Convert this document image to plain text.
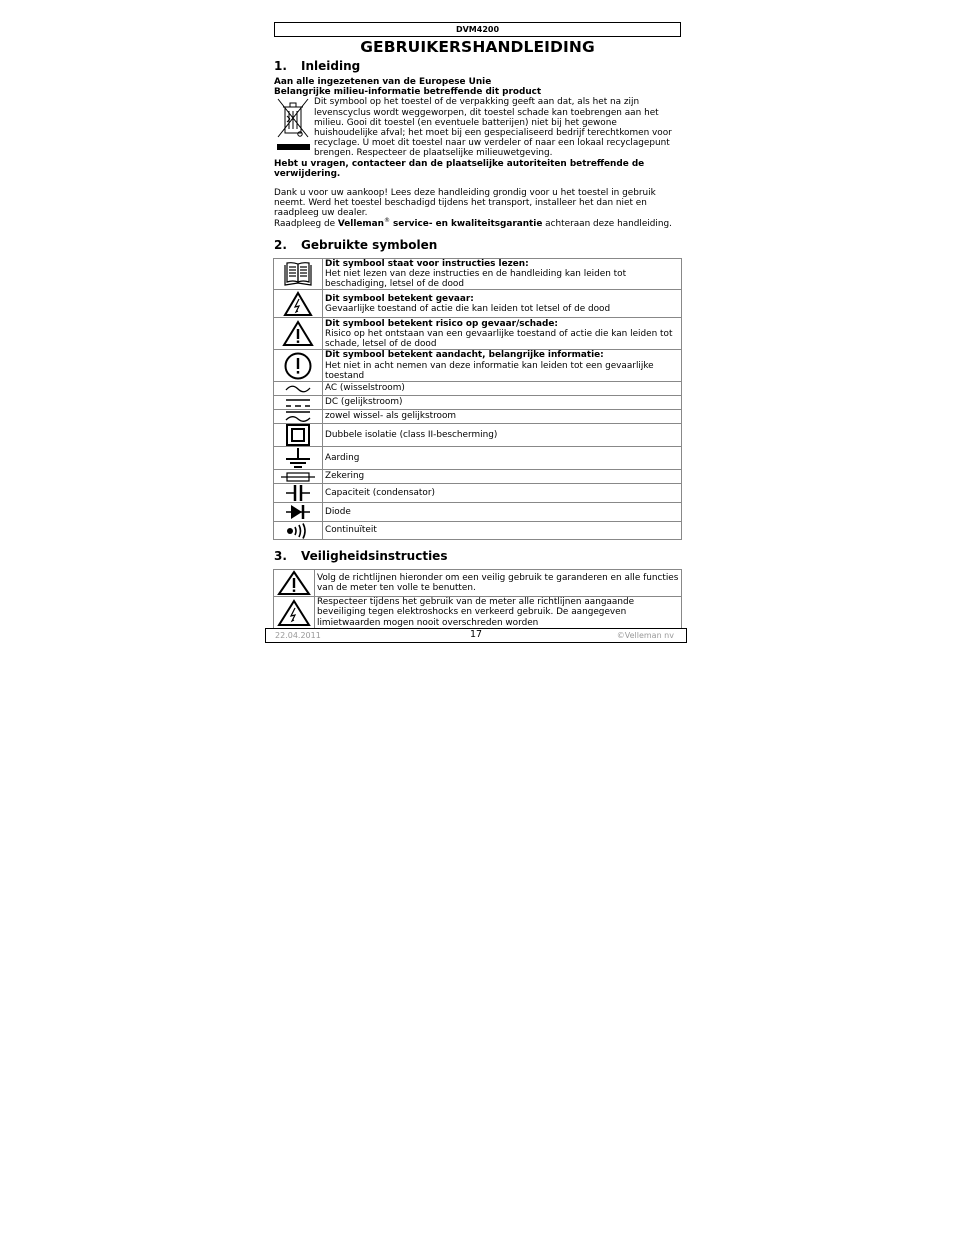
DVM4200
GEBRUIKERSHANDLEIDING
1. Inleiding
Aan alle ingezetenen van de Europese Unie
Belangrijke milieu-informatie betreffende dit product
Dit symbool op het toestel of de verpakking geeft aan dat, als het na zijn levenscyclus wordt weggeworpen, dit toestel schade kan toebrengen aan het milieu. Gooi dit toestel (en eventuele batterijen) niet bij het gewone huishoudelijke afval; het moet bij een gespecialiseerd bedrijf terechtkomen voor recyclage. U moet dit toestel naar uw verdeler of naar een lokaal recyclagepunt brengen. Respecteer de plaatselijke milieuwetgeving.
Hebt u vragen, contacteer dan de plaatselijke autoriteiten betreffende de verwijdering.
Dank u voor uw aankoop! Lees deze handleiding grondig voor u het toestel in gebruik neemt. Werd het toestel beschadigd tijdens het transport, installeer het dan niet en raadpleeg uw dealer.
Raadpleeg de Velleman® service- en kwaliteitsgarantie achteraan deze handleiding.
2. Gebruikte symbolen

Dit symbool staat voor instructies lezen:
Het niet lezen van deze instructies en de handleiding kan leiden tot beschadiging, letsel of de dood

Dit symbool betekent gevaar:
Gevaarlijke toestand of actie die kan leiden tot letsel of de dood

Dit symbool betekent risico op gevaar/schade:
Risico op het ontstaan van een gevaarlijke toestand of actie die kan leiden tot schade, letsel of de dood

Dit symbool betekent aandacht, belangrijke informatie:
Het niet in acht nemen van deze informatie kan leiden tot een gevaarlijke toestand

	AC (wisselstroom)

	DC (gelijkstroom)

	zowel wissel- als gelijkstroom

	Dubbele isolatie (class II-bescherming)

	Aarding

	Zekering

	Capaciteit (condensator)

	Diode

	Continuïteit
3. Veiligheidsinstructies
	Volg de richtlijnen hieronder om een veilig gebruik te garanderen en alle functies van de meter ten volle te benutten.

	Respecteer tijdens het gebruik van de meter alle richtlijnen aangaande beveiliging tegen elektroshocks en verkeerd gebruik. De aangegeven limietwaarden mogen nooit overschreden worden
22.04.2011	17	©Velleman nv
